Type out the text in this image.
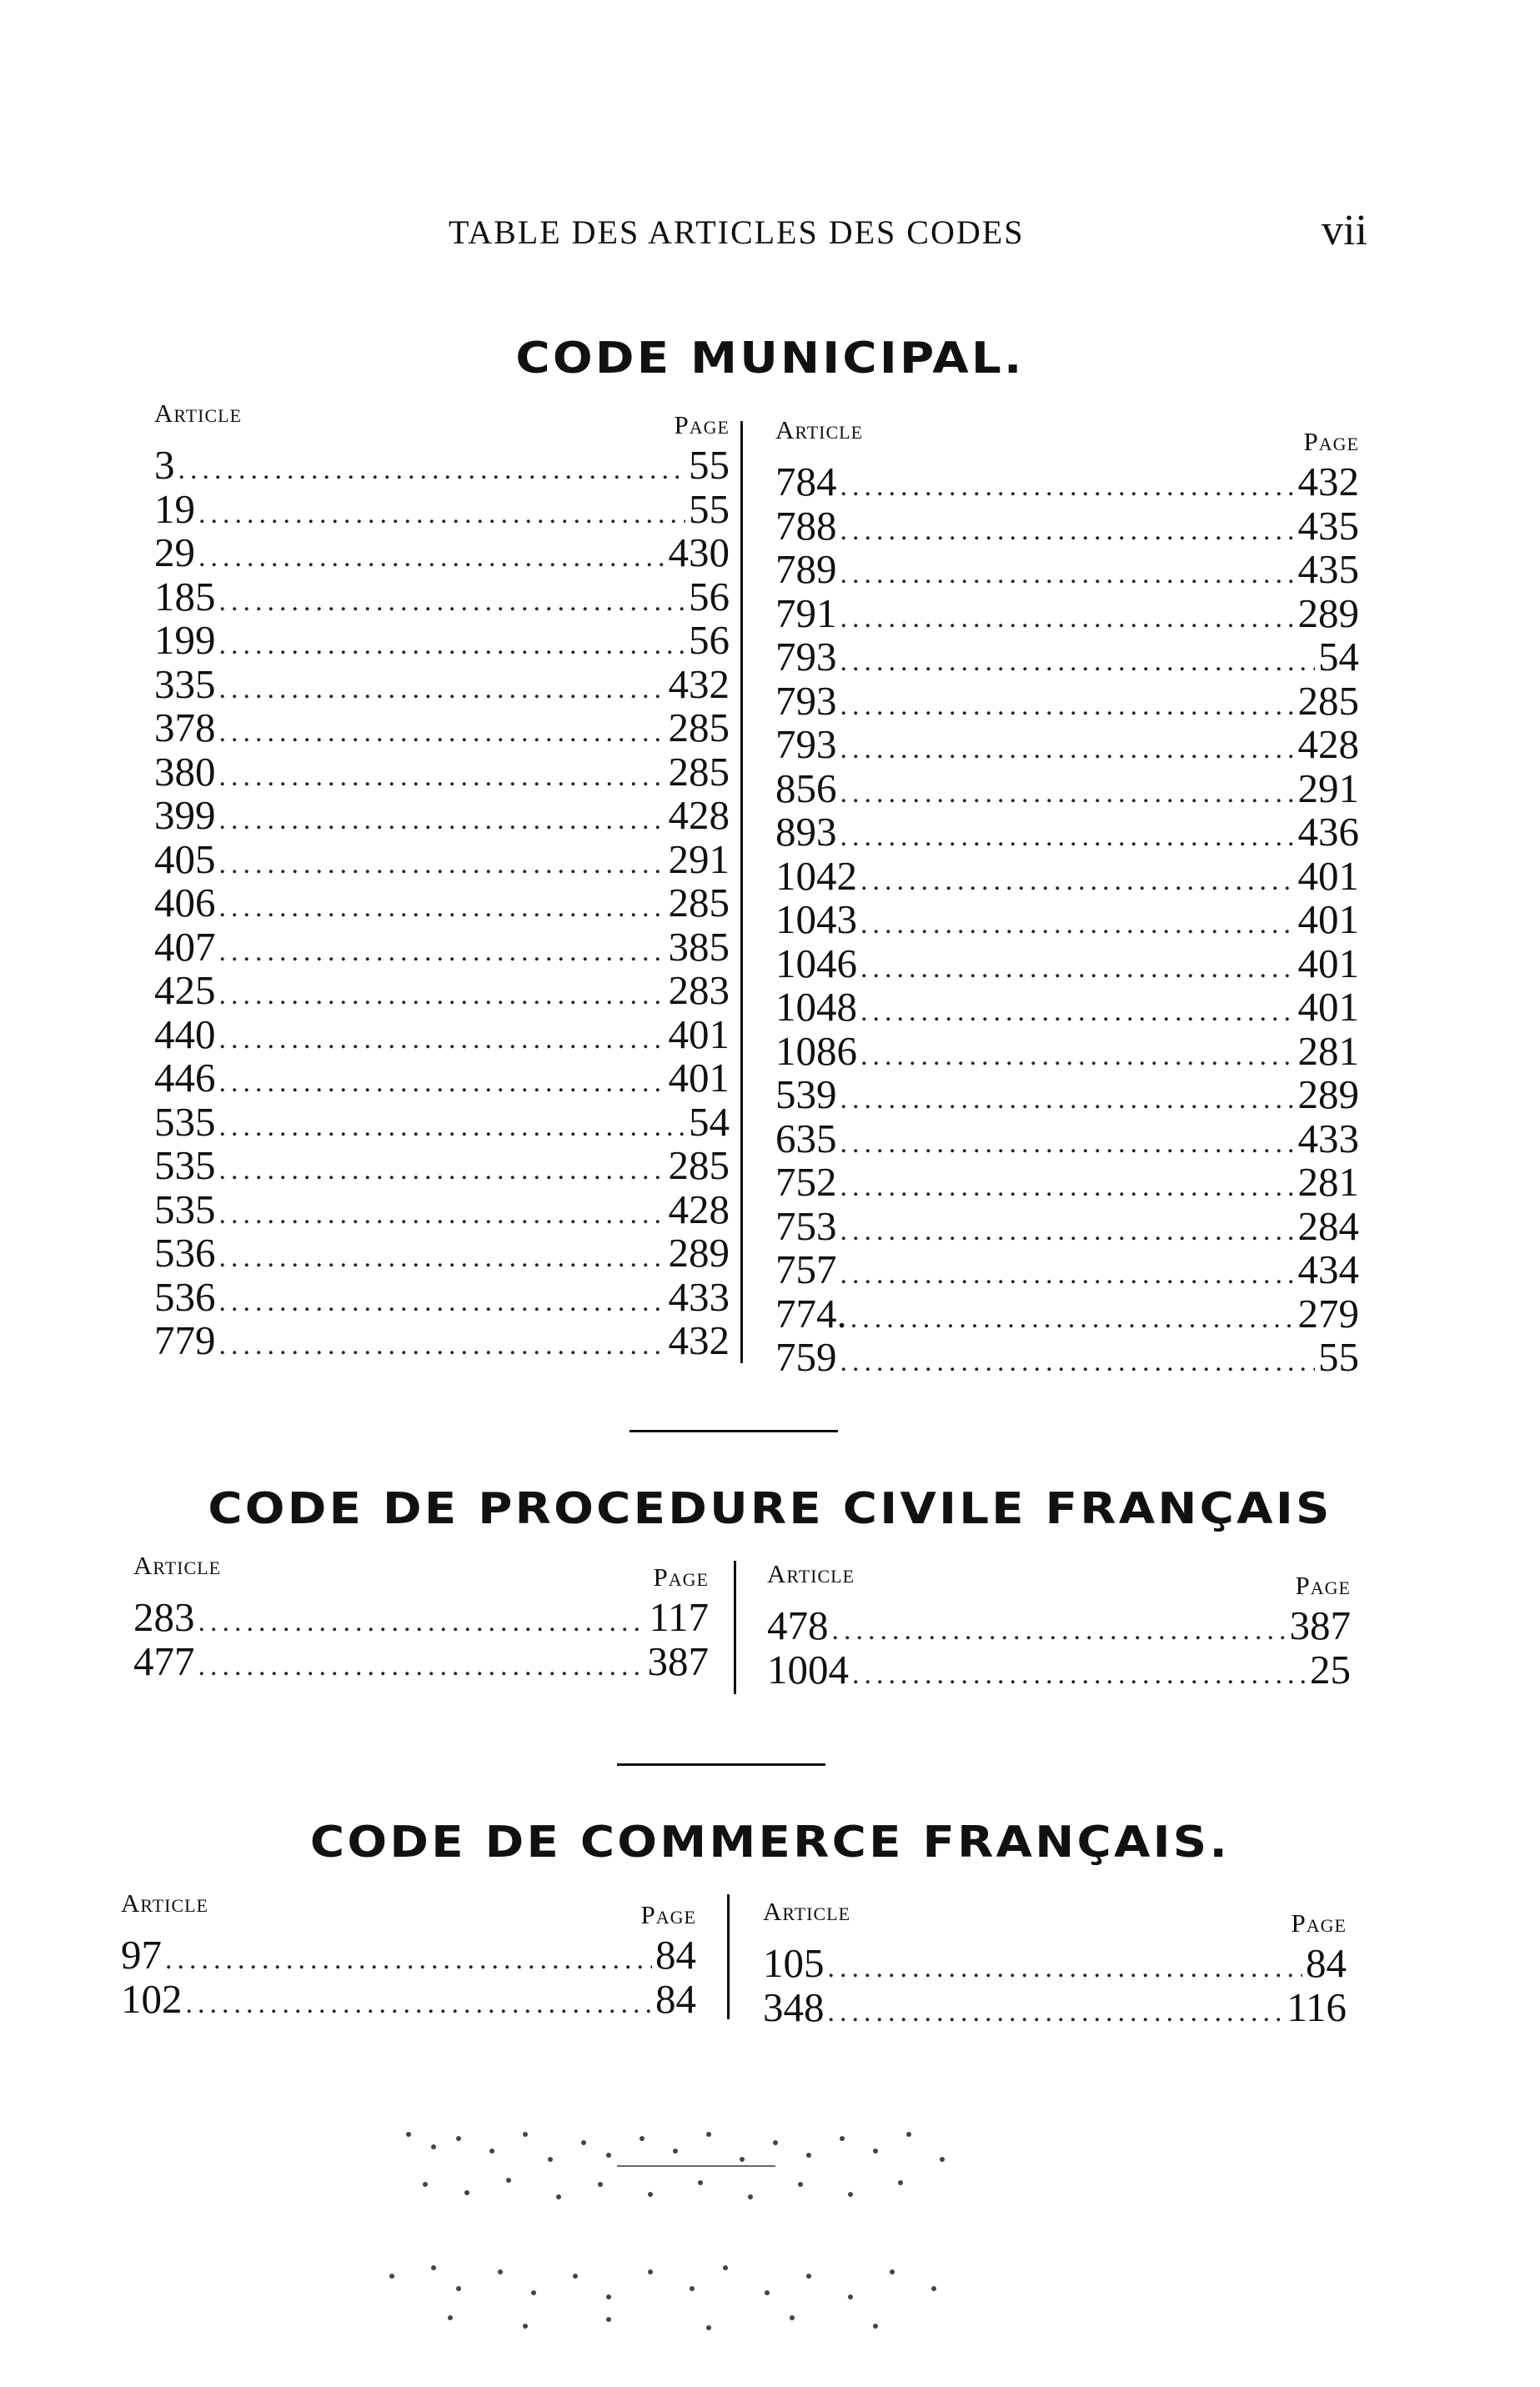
TABLE DES ARTICLES DES CODES	vii
CODE MUNICIPAL.
Article	Page
3 .....	55
19 .....	55
29 .....	430
185 .....	56
199 .....	56
335 .....	432
378 .....	285
380 .....	285
399 .....	428
405 .....	291
406 .....	285
407 .....	385
425 .....	283
440 .....	401
446 .....	401
535 .....	54
535 .....	285
535 .....	428
536 .....	289
536 .....	433
779 .....	432
Article	Page
784 .....	432
788 .....	435
789 .....	435
791 .....	289
793 .....	54
793 .....	285
793 .....	428
856 .....	291
893 .....	436
1042 .....	401
1043 .....	401
1046 .....	401
1048 .....	401
1086 .....	281
539 .....	289
635 .....	433
752 .....	281
753 .....	284
757 .....	434
774. .....	279
759 .....	55
CODE DE PROCEDURE CIVILE FRANÇAIS
Article	Page
283 .....	117
477 .....	387
Article	Page
478 .....	387
1004 .....	25
CODE DE COMMERCE FRANÇAIS.
Article	Page
97 .....	84
102 .....	84
Article	Page
105 .....	84
348 .....	116
